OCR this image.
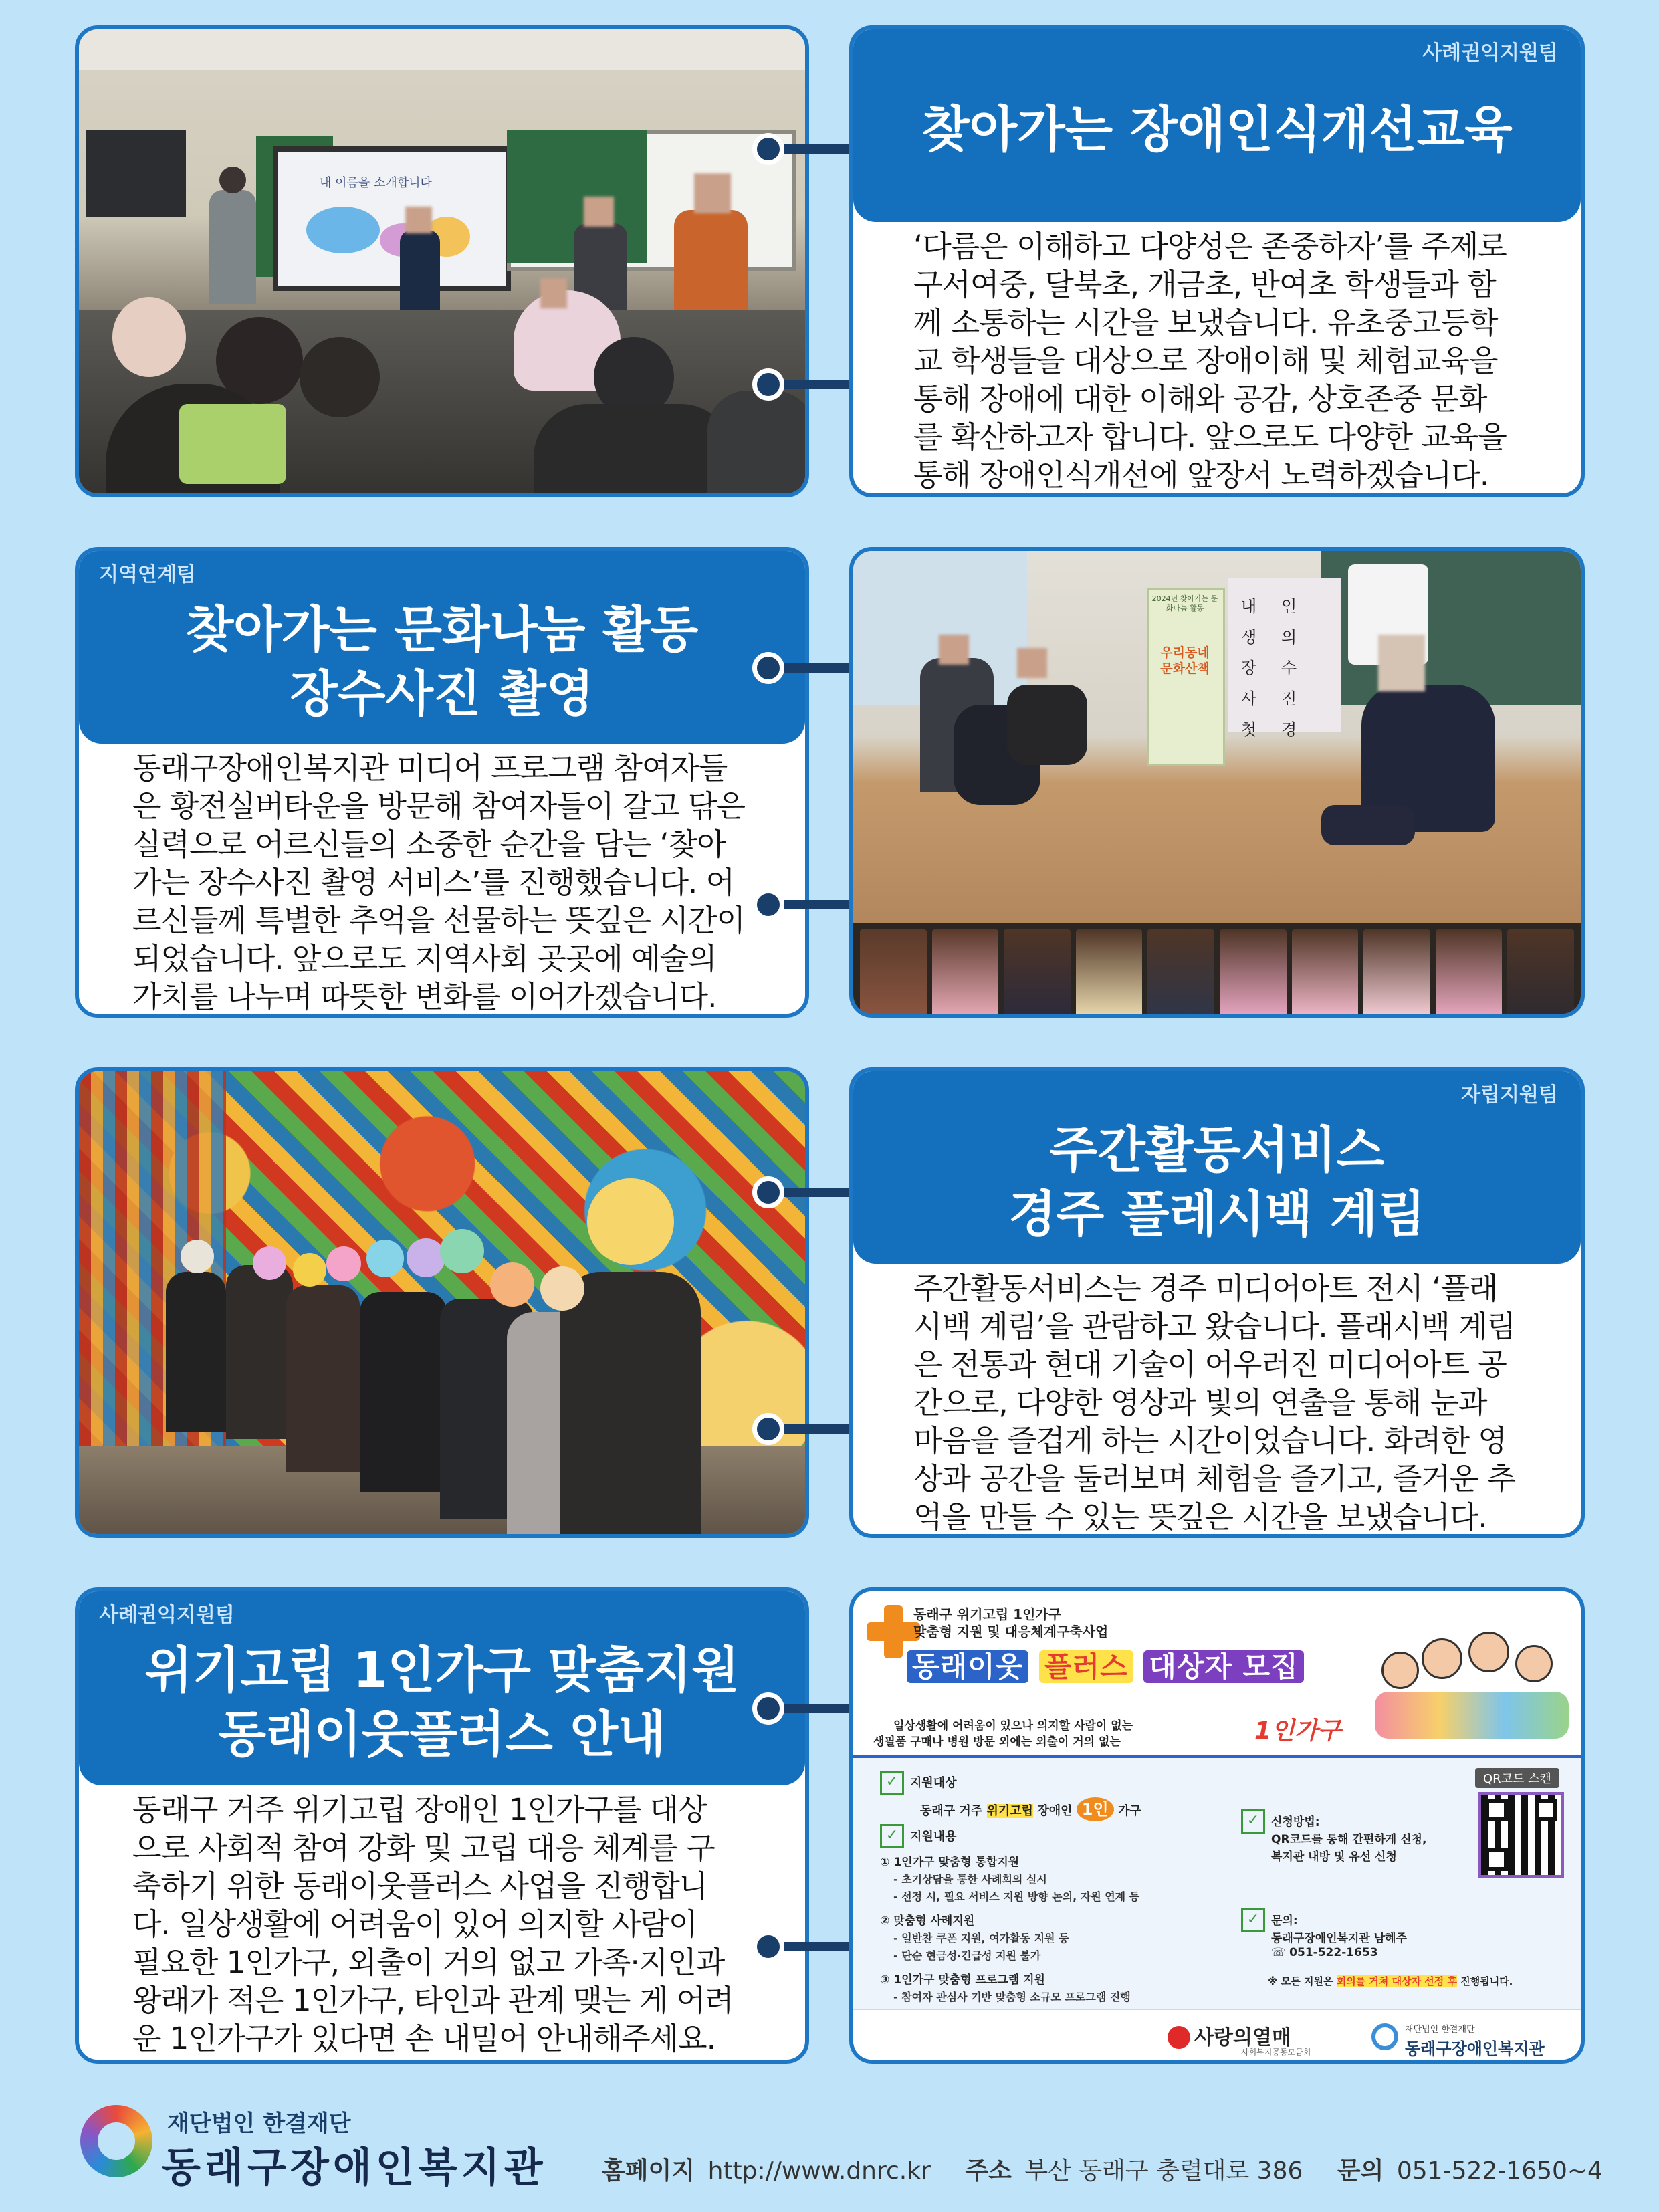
내 이름을 소개합니다
사례권익지원팀
찾아가는 장애인식개선교육
‘다름은 이해하고 다양성은 존중하자’를 주제로
구서여중, 달북초, 개금초, 반여초 학생들과 함
께 소통하는 시간을 보냈습니다. 유초중고등학
교 학생들을 대상으로 장애이해 및 체험교육을
통해 장애에 대한 이해와 공감, 상호존중 문화
를 확산하고자 합니다. 앞으로도 다양한 교육을
통해 장애인식개선에 앞장서 노력하겠습니다.
지역연계팀
찾아가는 문화나눔 활동
장수사진 촬영
동래구장애인복지관 미디어 프로그램 참여자들
은 황전실버타운을 방문해 참여자들이 갈고 닦은
실력으로 어르신들의 소중한 순간을 담는 ‘찾아
가는 장수사진 촬영 서비스’를 진행했습니다. 어
르신들께 특별한 추억을 선물하는 뜻깊은 시간이
되었습니다. 앞으로도 지역사회 곳곳에 예술의
가치를 나누며 따뜻한 변화를 이어가겠습니다.
2024년 찾아가는 문화나눔 활동
우리동네 문화산책
내	인
생	의
장	수
사	진
첫	경
자립지원팀
주간활동서비스
경주 플레시백 계림
주간활동서비스는 경주 미디어아트 전시 ‘플래
시백 계림’을 관람하고 왔습니다. 플래시백 계림
은 전통과 현대 기술이 어우러진 미디어아트 공
간으로, 다양한 영상과 빛의 연출을 통해 눈과
마음을 즐겁게 하는 시간이었습니다. 화려한 영
상과 공간을 둘러보며 체험을 즐기고, 즐거운 추
억을 만들 수 있는 뜻깊은 시간을 보냈습니다.
사례권익지원팀
위기고립 1인가구 맞춤지원
동래이웃플러스 안내
동래구 거주 위기고립 장애인 1인가구를 대상
으로 사회적 참여 강화 및 고립 대응 체계를 구
축하기 위한 동래이웃플러스 사업을 진행합니
다. 일상생활에 어려움이 있어 의지할 사람이
필요한 1인가구, 외출이 거의 없고 가족·지인과
왕래가 적은 1인가구, 타인과 관계 맺는 게 어려
운 1인가구가 있다면 손 내밀어 안내해주세요.
동래구 위기고립 1인가구
맞춤형 지원 및 대응체계구축사업
동래이웃 플러스 대상자 모집
일상생활에 어려움이 있으나 의지할 사람이 없는
생필품 구매나 병원 방문 외에는 외출이 거의 없는	1인가구
✓ 지원대상
동래구 거주 위기고립 장애인 1인 가구
✓ 지원내용
① 1인가구 맞춤형 통합지원
- 초기상담을 통한 사례회의 실시
- 선정 시, 필요 서비스 지원 방향 논의, 자원 연계 등
② 맞춤형 사례지원
- 일반찬 쿠폰 지원, 여가활동 지원 등
- 단순 현금성·긴급성 지원 불가
③ 1인가구 맞춤형 프로그램 지원
- 참여자 관심사 기반 맞춤형 소규모 프로그램 진행
QR코드 스캔
✓	신청방법:
QR코드를 통해 간편하게 신청,
복지관 내방 및 유선 신청
✓	문의:
동래구장애인복지관 남혜주
☏ 051-522-1653
※ 모든 지원은 회의를 거쳐 대상자 선정 후 진행됩니다.
사랑의열매
사회복지공동모금회
재단법인 한결재단
동래구장애인복지관
재단법인 한결재단
동래구장애인복지관 홈페이지 http://www.dnrc.kr 주소 부산 동래구 충렬대로 386 문의 051-522-1650~4
